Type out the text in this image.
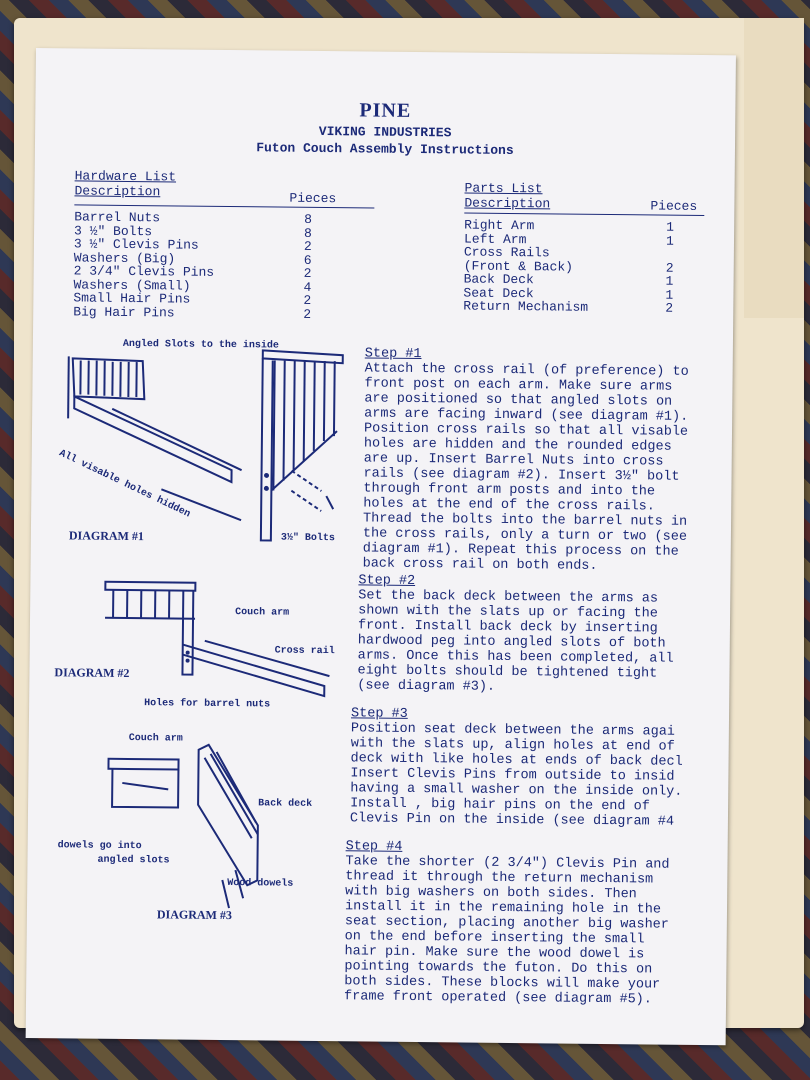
PINE
VIKING INDUSTRIES
Futon Couch Assembly Instructions
Hardware List
Description	Pieces
Barrel Nuts	8
3 ½" Bolts	8
3 ½" Clevis Pins	2
Washers (Big)	6
2 3/4" Clevis Pins	2
Washers (Small)	4
Small Hair Pins	2
Big Hair Pins	2
Parts List
Description	Pieces
Right Arm	1
Left Arm	1
Cross Rails
(Front & Back)	2
Back Deck	1
Seat Deck	1
Return Mechanism	2
Angled Slots to the inside
All visable holes hidden
3½" Bolts
DIAGRAM #1
Couch arm
Cross rail
Holes for barrel nuts
DIAGRAM #2
Couch arm
Back deck
dowels go into
angled slots
Wood dowels
DIAGRAM #3
Step #1
Attach the cross rail (of preference) to
front post on each arm. Make sure arms
are positioned so that angled slots on
arms are facing inward (see diagram #1).
Position cross rails so that all visable
holes are hidden and the rounded edges
are up. Insert Barrel Nuts into cross
rails (see diagram #2). Insert 3½" bolt
through front arm posts and into the
holes at the end of the cross rails.
Thread the bolts into the barrel nuts in
the cross rails, only a turn or two (see
diagram #1). Repeat this process on the
back cross rail on both ends.
Step #2
Set the back deck between the arms as
shown with the slats up or facing the
front. Install back deck by inserting
hardwood peg into angled slots of both
arms. Once this has been completed, all
eight bolts should be tightened tight
(see diagram #3).
Step #3
Position seat deck between the arms agai
with the slats up, align holes at end of
deck with like holes at ends of back decl
Insert Clevis Pins from outside to insid
having a small washer on the inside only.
Install , big hair pins on the end of
Clevis Pin on the inside (see diagram #4
Step #4
Take the shorter (2 3/4") Clevis Pin and
thread it through the return mechanism
with big washers on both sides. Then
install it in the remaining hole in the
seat section, placing another big washer
on the end before inserting the small
hair pin. Make sure the wood dowel is
pointing towards the futon. Do this on
both sides. These blocks will make your
frame front operated (see diagram #5).
